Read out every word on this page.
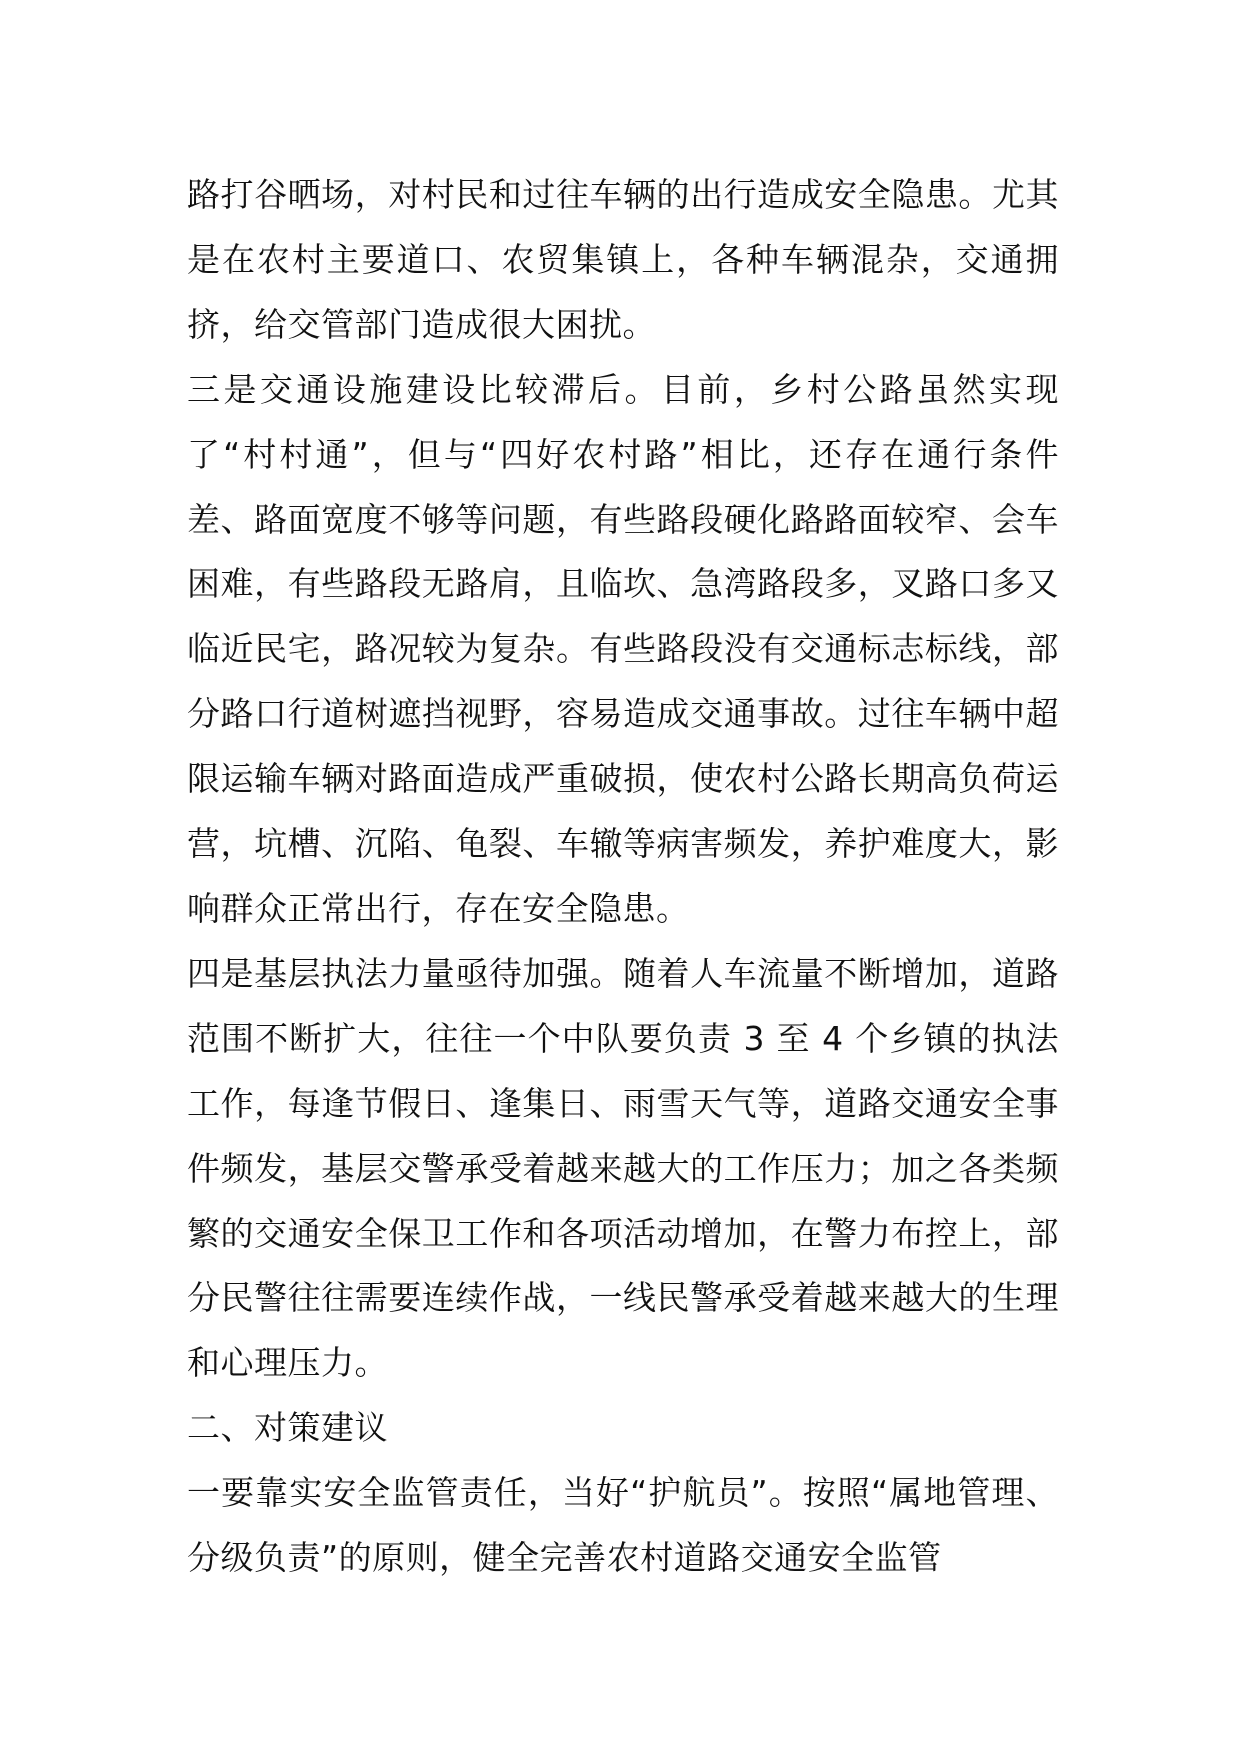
路打谷晒场，对村民和过往车辆的出行造成安全隐患。尤其是在农村主要道口、农贸集镇上，各种车辆混杂，交通拥挤，给交管部门造成很大困扰。

三是交通设施建设比较滞后。目前，乡村公路虽然实现了“村村通”，但与“四好农村路”相比，还存在通行条件差、路面宽度不够等问题，有些路段硬化路路面较窄、会车困难，有些路段无路肩，且临坎、急湾路段多，叉路口多又临近民宅，路况较为复杂。有些路段没有交通标志标线，部分路口行道树遮挡视野，容易造成交通事故。过往车辆中超限运输车辆对路面造成严重破损，使农村公路长期高负荷运营，坑槽、沉陷、龟裂、车辙等病害频发，养护难度大，影响群众正常出行，存在安全隐患。

四是基层执法力量亟待加强。随着人车流量不断增加，道路范围不断扩大，往往一个中队要负责 3 至 4 个乡镇的执法工作，每逢节假日、逢集日、雨雪天气等，道路交通安全事件频发，基层交警承受着越来越大的工作压力；加之各类频繁的交通安全保卫工作和各项活动增加，在警力布控上，部分民警往往需要连续作战，一线民警承受着越来越大的生理和心理压力。

二、对策建议

一要靠实安全监管责任，当好“护航员”。按照“属地管理、分级负责”的原则，健全完善农村道路交通安全监管
